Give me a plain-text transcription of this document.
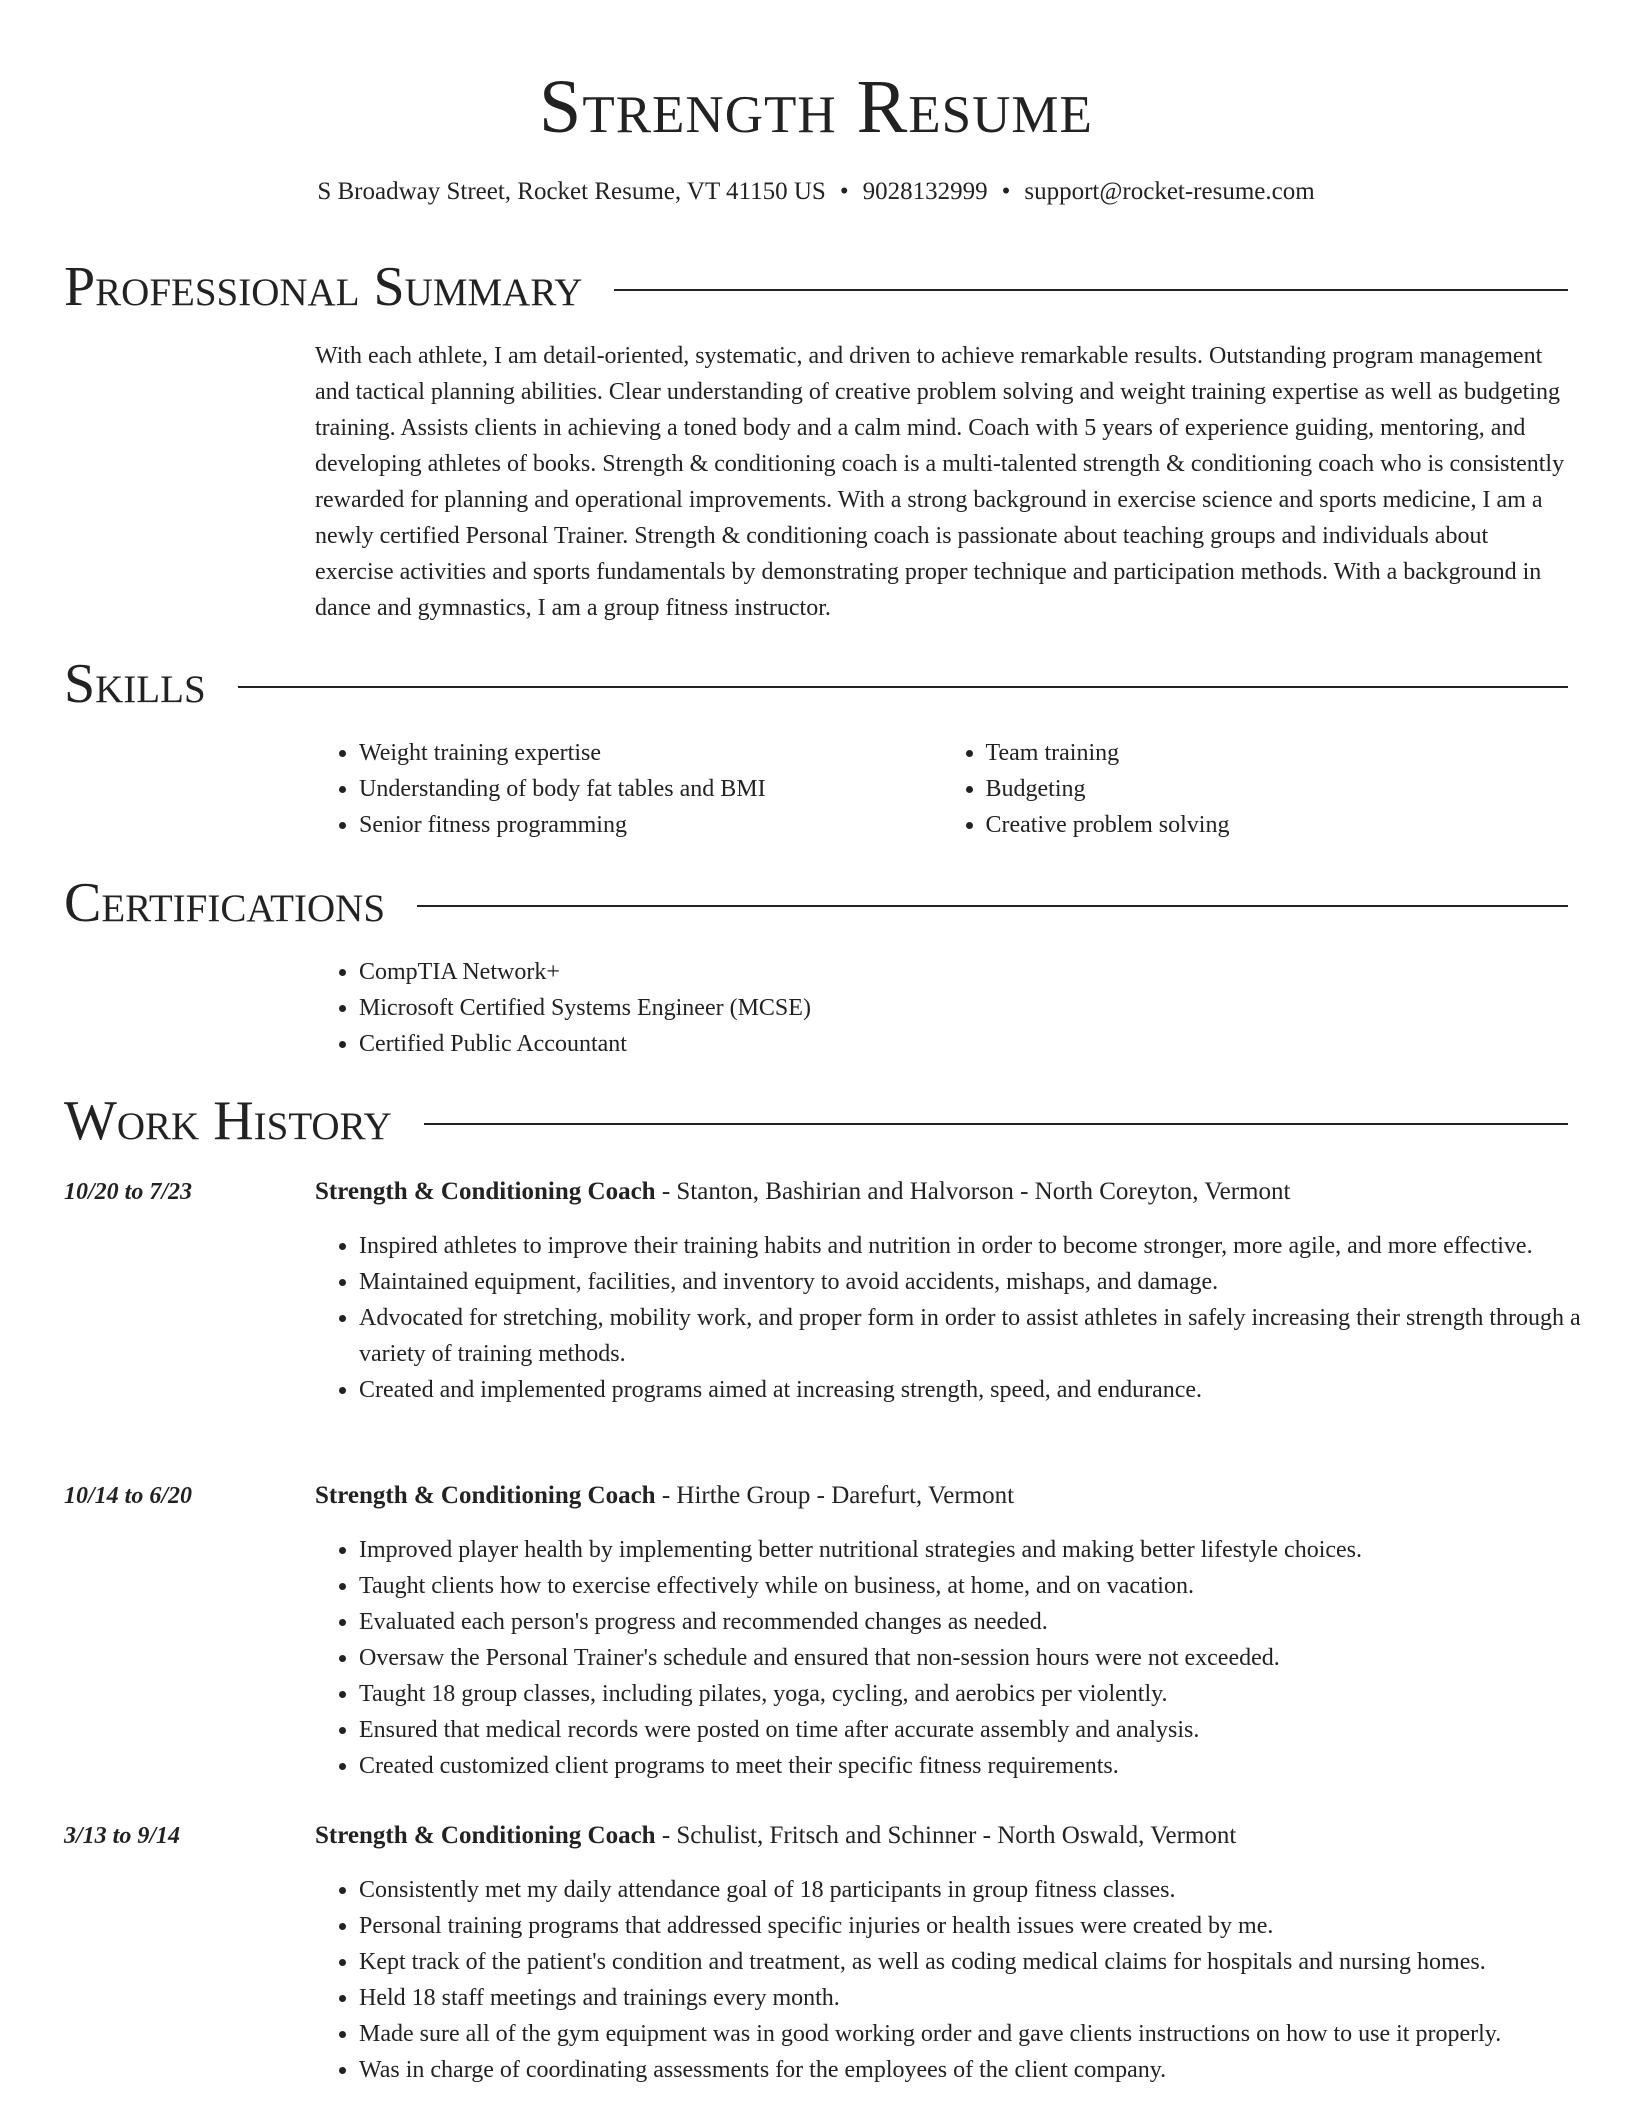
Strength Resume
S Broadway Street, Rocket Resume, VT 41150 US • 9028132999 • support@rocket-resume.com
Professional Summary

With each athlete, I am detail-oriented, systematic, and driven to achieve remarkable results. Outstanding program management and tactical planning abilities. Clear understanding of creative problem solving and weight training expertise as well as budgeting training. Assists clients in achieving a toned body and a calm mind. Coach with 5 years of experience guiding, mentoring, and developing athletes of books. Strength & conditioning coach is a multi-talented strength & conditioning coach who is consistently rewarded for planning and operational improvements. With a strong background in exercise science and sports medicine, I am a newly certified Personal Trainer. Strength & conditioning coach is passionate about teaching groups and individuals about exercise activities and sports fundamentals by demonstrating proper technique and participation methods. With a background in dance and gymnastics, I am a group fitness instructor.

Skills
• Weight training expertise
• Understanding of body fat tables and BMI
• Senior fitness programming
• Team training
• Budgeting
• Creative problem solving
Certifications
• CompTIA Network+
• Microsoft Certified Systems Engineer (MCSE)
• Certified Public Accountant
Work History
10/20 to 7/23	Strength & Conditioning Coach - Stanton, Bashirian and Halvorson - North Coreyton, Vermont
• Inspired athletes to improve their training habits and nutrition in order to become stronger, more agile, and more effective.
• Maintained equipment, facilities, and inventory to avoid accidents, mishaps, and damage.
• Advocated for stretching, mobility work, and proper form in order to assist athletes in safely increasing their strength through a variety of training methods.
• Created and implemented programs aimed at increasing strength, speed, and endurance.
10/14 to 6/20	Strength & Conditioning Coach - Hirthe Group - Darefurt, Vermont
• Improved player health by implementing better nutritional strategies and making better lifestyle choices.
• Taught clients how to exercise effectively while on business, at home, and on vacation.
• Evaluated each person's progress and recommended changes as needed.
• Oversaw the Personal Trainer's schedule and ensured that non-session hours were not exceeded.
• Taught 18 group classes, including pilates, yoga, cycling, and aerobics per violently.
• Ensured that medical records were posted on time after accurate assembly and analysis.
• Created customized client programs to meet their specific fitness requirements.
3/13 to 9/14	Strength & Conditioning Coach - Schulist, Fritsch and Schinner - North Oswald, Vermont
• Consistently met my daily attendance goal of 18 participants in group fitness classes.
• Personal training programs that addressed specific injuries or health issues were created by me.
• Kept track of the patient's condition and treatment, as well as coding medical claims for hospitals and nursing homes.
• Held 18 staff meetings and trainings every month.
• Made sure all of the gym equipment was in good working order and gave clients instructions on how to use it properly.
• Was in charge of coordinating assessments for the employees of the client company.
